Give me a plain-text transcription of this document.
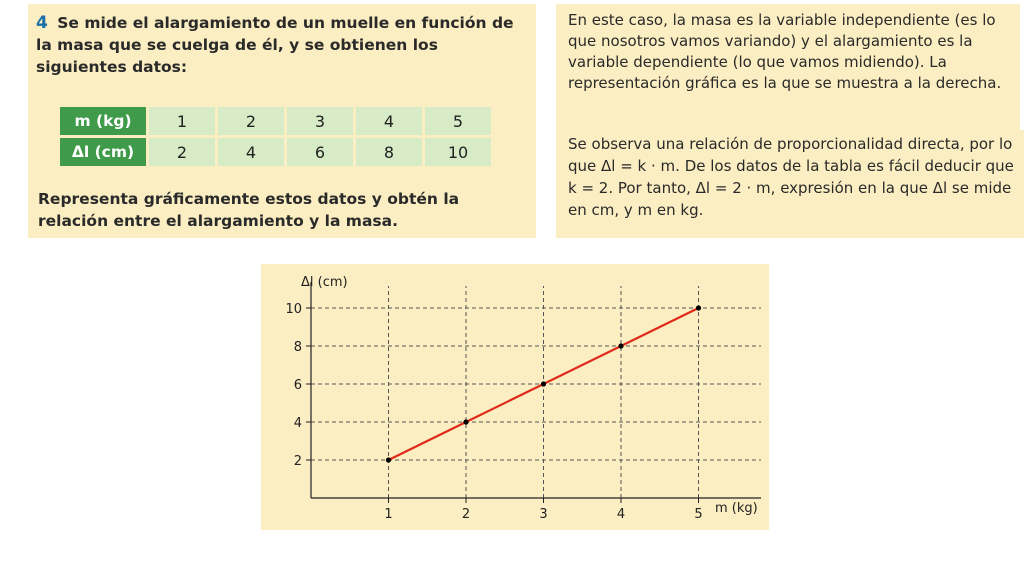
4 Se mide el alargamiento de un muelle en función de la masa que se cuelga de él, y se obtienen los siguientes datos:
m (kg)	1	2	3	4	5
Δl (cm)	2	4	6	8	10
Representa gráficamente estos datos y obtén la relación entre el alargamiento y la masa.
En este caso, la masa es la variable independiente (es lo que nosotros vamos variando) y el alargamiento es la variable dependiente (lo que vamos midiendo). La representación gráfica es la que se muestra a la derecha.
Se observa una relación de proporcionalidad directa, por lo que Δl = k · m. De los datos de la tabla es fácil deducir que k = 2. Por tanto, Δl = 2 · m, expresión en la que Δl se mide en cm, y m en kg.
1	2	3	4	5
2
4
6
8
10
Δl (cm)
m (kg)
